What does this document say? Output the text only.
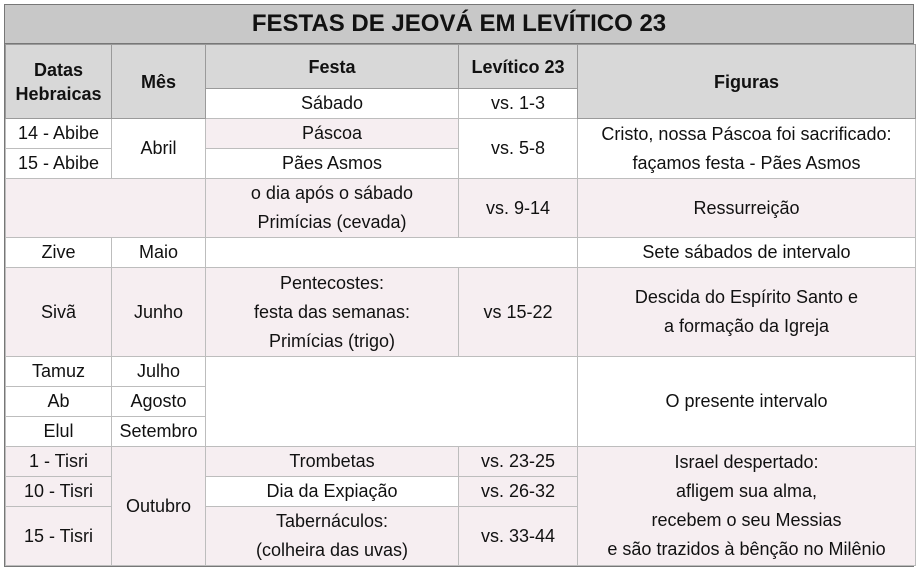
FESTAS DE JEOVÁ EM LEVÍTICO 23
Datas
Hebraicas	Mês	Festa	Levítico 23	Figuras
		Sábado	vs. 1-3	
14 - Abibe	Abril	Páscoa	vs. 5-8	Cristo, nossa Páscoa foi sacrificado:
façamos festa - Pães Asmos

15 - Abibe		Pães Asmos		

		o dia após o sábado
Primícias (cevada)	vs. 9-14	Ressurreição
Zive	Maio			Sete sábados de intervalo
Sivã	Junho	Pentecostes:
festa das semanas:
Primícias (trigo)	vs 15-22	Descida do Espírito Santo e
a formação da Igreja

Tamuz	Julho			O presente intervalo
Ab	Agosto			
Elul	Setembro			
1 - Tisri	Outubro	Trombetas	vs. 23-25	Israel despertado:
afligem sua alma,
recebem o seu Messias
e são trazidos à bênção no Milênio

10 - Tisri		Dia da Expiação	vs. 26-32	
15 - Tisri		Tabernáculos:
(colheira das uvas)	vs. 33-44	
